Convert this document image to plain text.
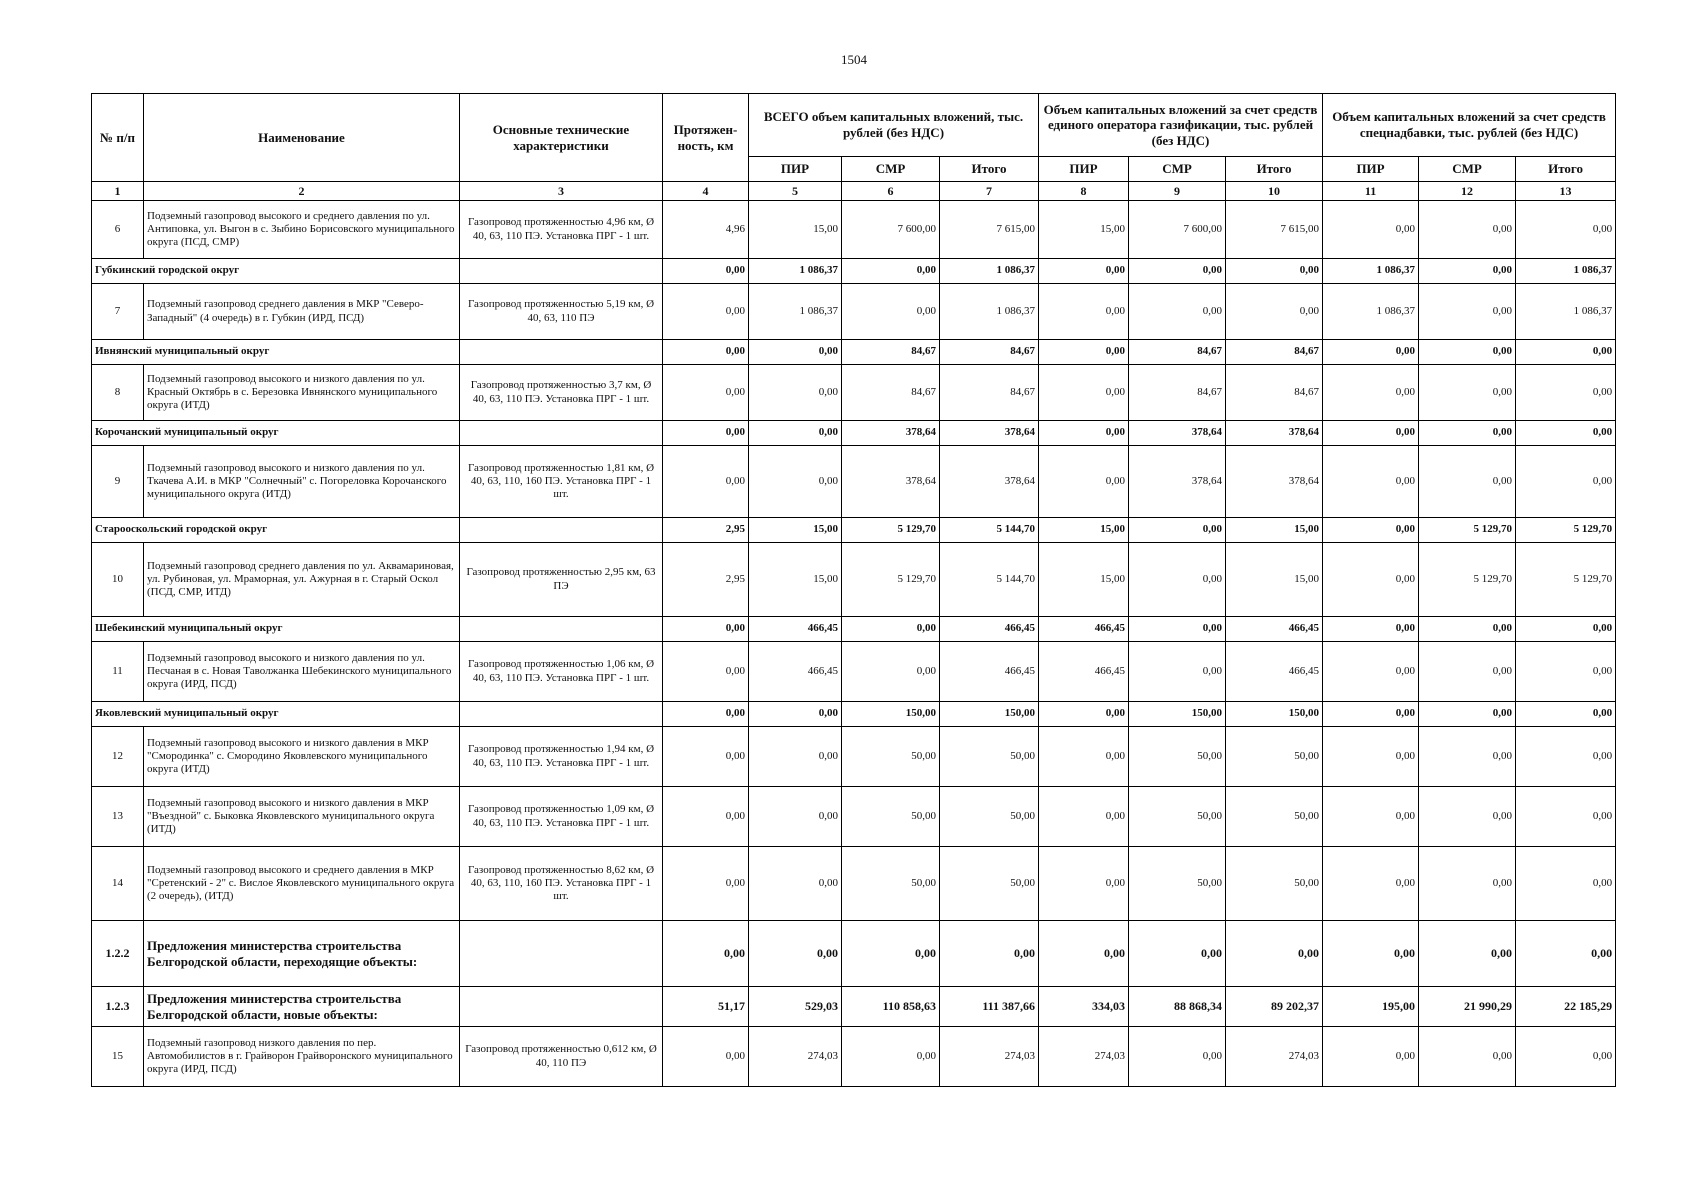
1504
№ п/п	Наименование	Основные технические характеристики	Протяжен-ность, км	ВСЕГО объем капитальных вложений, тыс. рублей (без НДС)			Объем капитальных вложений за счет средств единого оператора газификации, тыс. рублей (без НДС)			Объем капитальных вложений за счет средств спецнадбавки, тыс. рублей (без НДС)		
				ПИР	СМР	Итого	ПИР	СМР	Итого	ПИР	СМР	Итого
1	2	3	4	5	6	7	8	9	10	11	12	13
6	Подземный газопровод высокого и среднего давления по ул. Антиповка, ул. Выгон в с. Зыбино Борисовского муниципального округа (ПСД, СМР)	Газопровод протяженностью 4,96 км, Ø 40, 63, 110 ПЭ. Установка ПРГ - 1 шт.	4,96	15,00	7 600,00	7 615,00	15,00	7 600,00	7 615,00	0,00	0,00	0,00
Губкинский городской округ			0,00	1 086,37	0,00	1 086,37	0,00	0,00	0,00	1 086,37	0,00	1 086,37
7	Подземный газопровод среднего давления в МКР "Северо-Западный" (4 очередь) в г. Губкин (ИРД, ПСД)	Газопровод протяженностью 5,19 км, Ø 40, 63, 110 ПЭ	0,00	1 086,37	0,00	1 086,37	0,00	0,00	0,00	1 086,37	0,00	1 086,37
Ивнянский муниципальный округ			0,00	0,00	84,67	84,67	0,00	84,67	84,67	0,00	0,00	0,00
8	Подземный газопровод высокого и низкого давления по ул. Красный Октябрь в с. Березовка Ивнянского муниципального округа (ИТД)	Газопровод протяженностью 3,7 км, Ø 40, 63, 110 ПЭ. Установка ПРГ - 1 шт.	0,00	0,00	84,67	84,67	0,00	84,67	84,67	0,00	0,00	0,00
Корочанский муниципальный округ			0,00	0,00	378,64	378,64	0,00	378,64	378,64	0,00	0,00	0,00
9	Подземный газопровод высокого и низкого давления по ул. Ткачева А.И. в МКР "Солнечный" с. Погореловка Корочанского муниципального округа (ИТД)	Газопровод протяженностью 1,81 км, Ø 40, 63, 110, 160 ПЭ. Установка ПРГ - 1 шт.	0,00	0,00	378,64	378,64	0,00	378,64	378,64	0,00	0,00	0,00
Старооскольский городской округ			2,95	15,00	5 129,70	5 144,70	15,00	0,00	15,00	0,00	5 129,70	5 129,70
10	Подземный газопровод среднего давления по ул. Аквамариновая, ул. Рубиновая, ул. Мраморная, ул. Ажурная в г. Старый Оскол (ПСД, СМР, ИТД)	Газопровод протяженностью 2,95 км, 63 ПЭ	2,95	15,00	5 129,70	5 144,70	15,00	0,00	15,00	0,00	5 129,70	5 129,70
Шебекинский муниципальный округ			0,00	466,45	0,00	466,45	466,45	0,00	466,45	0,00	0,00	0,00
11	Подземный газопровод высокого и низкого давления по ул. Песчаная в с. Новая Таволжанка Шебекинского муниципального округа (ИРД, ПСД)	Газопровод протяженностью 1,06 км, Ø 40, 63, 110 ПЭ. Установка ПРГ - 1 шт.	0,00	466,45	0,00	466,45	466,45	0,00	466,45	0,00	0,00	0,00
Яковлевский муниципальный округ			0,00	0,00	150,00	150,00	0,00	150,00	150,00	0,00	0,00	0,00
12	Подземный газопровод высокого и низкого давления в МКР "Смородинка" с. Смородино Яковлевского муниципального округа (ИТД)	Газопровод протяженностью 1,94 км, Ø 40, 63, 110 ПЭ. Установка ПРГ - 1 шт.	0,00	0,00	50,00	50,00	0,00	50,00	50,00	0,00	0,00	0,00
13	Подземный газопровод высокого и низкого давления в МКР "Въездной" с. Быковка Яковлевского муниципального округа (ИТД)	Газопровод протяженностью 1,09 км, Ø 40, 63, 110 ПЭ. Установка ПРГ - 1 шт.	0,00	0,00	50,00	50,00	0,00	50,00	50,00	0,00	0,00	0,00
14	Подземный газопровод высокого и среднего давления в МКР "Сретенский - 2" с. Вислое Яковлевского муниципального округа (2 очередь), (ИТД)	Газопровод протяженностью 8,62 км, Ø 40, 63, 110, 160 ПЭ. Установка ПРГ - 1 шт.	0,00	0,00	50,00	50,00	0,00	50,00	50,00	0,00	0,00	0,00
1.2.2	Предложения министерства строительства Белгородской области, переходящие объекты:		0,00	0,00	0,00	0,00	0,00	0,00	0,00	0,00	0,00	0,00
1.2.3	Предложения министерства строительства Белгородской области, новые объекты:		51,17	529,03	110 858,63	111 387,66	334,03	88 868,34	89 202,37	195,00	21 990,29	22 185,29
15	Подземный газопровод низкого давления по пер. Автомобилистов в г. Грайворон Грайворонского муниципального округа (ИРД, ПСД)	Газопровод протяженностью 0,612 км, Ø 40, 110 ПЭ	0,00	274,03	0,00	274,03	274,03	0,00	274,03	0,00	0,00	0,00
